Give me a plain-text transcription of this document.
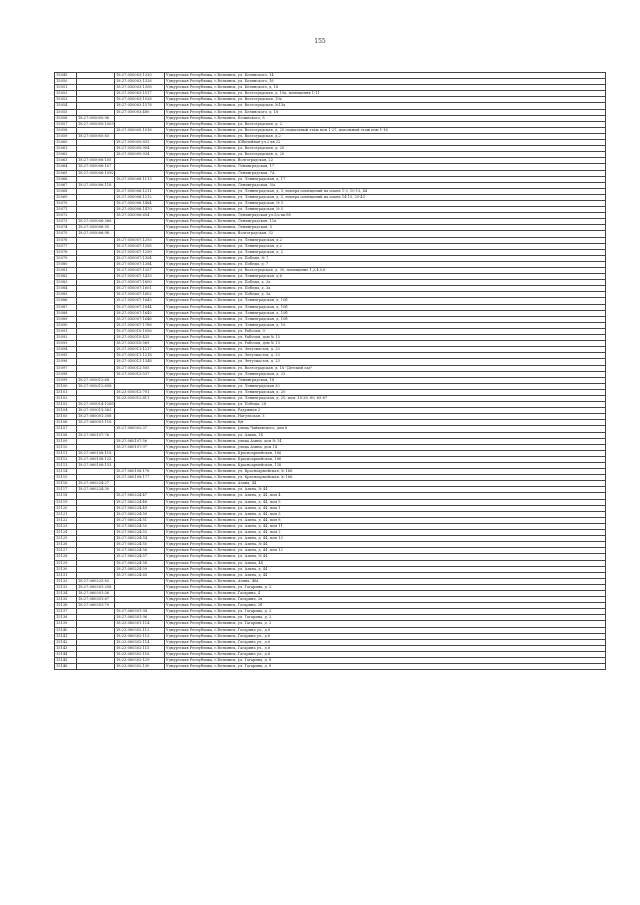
155
15049		18:27:050003:1320	Удмуртская Республика, г.Воткинск, ул. Белинского, 14
15050		18:27:050003:1326	Удмуртская Республика, г.Воткинск, ул. Белинского, 16
15051		18:27:050003:1308	Удмуртская Республика, г.Воткинск, ул. Белинского, д. 18
15052		18:27:050003:1517	Удмуртская Республика, г.Воткинск, ул. Волгоградская, д. 19а, помещения 1-11
15053		18:27:050003:1528	Удмуртская Республика, г.Воткинск, ул. Волгоградская, 19а
15054		18:27:050003:1578	Удмуртская Республика, г.Воткинск, ул. Волгоградская, №13а
15055		18:27:050003:480	Удмуртская Республика, г.Воткинск, ул. Белинского, д. 18
15056	18:27:050005:96		Удмуртская Республика, г.Воткинск, Белинского, 8
15057	18:27:050005:1003		Удмуртская Республика, г.Воткинск, ул. Волгоградская, д. 2
15058		18:27:050005:1016	Удмуртская Республика, г.Воткинск, ул. Волгоградская, д. 20 подвальный этаж пом 1-27, цокольный этаж пом 1-16
15059	18:27:050005:83		Удмуртская Республика, г.Воткинск, ул. Волгоградская, д.2
15060		18:27:050005:853	Удмуртская Республика, г.Воткинск, Юбилейная ул.2 кв 22
15061		18:27:050005:904	Удмуртская Республика, г.Воткинск, ул. Волгоградская, д. 20
15062		18:27:050005:934	Удмуртская Республика, г.Воткинск, ул. Волгоградская, д. 20
15063	18:27:050006:105		Удмуртская Республика, г.Воткинск, Волгоградская, 22
15064	18:27:050006:107		Удмуртская Республика, г.Воткинск, Ленинградская, 17
15065	18:27:050006:1092		Удмуртская Республика, г.Воткинск, Ленинградская, 7А
15066		18:27:050006:1113	Удмуртская Республика, г.Воткинск, ул. Ленинградская, д. 17
15067	18:27:050006:118		Удмуртская Республика, г.Воткинск, Ленинградская, 5/а
15068		18:27:050006:1211	Удмуртская Республика, г.Воткинск, ул. Ленинградская, д. 5, номера помещений на плане 1-3, 10-13, 44
15069		18:27:050006:1212	Удмуртская Республика, г.Воткинск, ул. Ленинградская, д. 5, номера помещений на плане 14-15, 25-43
15070		18:27:050006:1464	Удмуртская Республика, г.Воткинск, ул. Ленинградская, № 5
15071		18:27:050006:1470	Удмуртская Республика, г.Воткинск, ул. Ленинградская, № 5
15072		18:27:050006:654	Удмуртская Республика, г.Воткинск, Ленинградская ул.5/а кв.88
15073	18:27:050006:366		Удмуртская Республика, г.Воткинск, Ленинградская, 11а
15074	18:27:050006:95		Удмуртская Республика, г.Воткинск, Ленинградская, 5
15075	18:27:050006:98		Удмуртская Республика, г.Воткинск, Волгоградская, 32
15076		18:27:050007:1293	Удмуртская Республика, г.Воткинск, ул. Ленинградская, д.2
15077		18:27:050007:1295	Удмуртская Республика, г.Воткинск, ул. Ленинградская, д.2
15078		18:27:050007:1299	Удмуртская Республика, г.Воткинск, ул. Ленинградская, д. 2
15079		18:27:050007:1304	Удмуртская Республика, г.Воткинск, ул. Победы, № 7
15080		18:27:050007:1384	Удмуртская Республика, г.Воткинск, ул. Победы, д. 7
15081		18:27:050007:1337	Удмуртская Республика, г.Воткинск, ул. Волгоградская, д. 30, помещение 1,2,4,5,6
15082		18:27:050007:1433	Удмуртская Республика, г.Воткинск, ул. Ленинградская, д.6
15083		18:27:050007:1600	Удмуртская Республика, г.Воткинск, ул. Победы, д. 3а
15084		18:27:050007:1601	Удмуртская Республика, г.Воткинск, ул. Победы, д. 3а
15085		18:27:050007:1602	Удмуртская Республика, г.Воткинск, ул. Победы, д. 3а
15086		18:27:050007:1643	Удмуртская Республика, г.Воткинск, ул. Ленинградская, д. 10б
15087		18:27:050007:1644	Удмуртская Республика, г.Воткинск, ул. Ленинградская, д. 10б
15088		18:27:050007:1645	Удмуртская Республика, г.Воткинск, ул. Ленинградская, д. 10б
15089		18:27:050007:1646	Удмуртская Республика, г.Воткинск, ул. Ленинградская, д. 10б
15090		18:27:050007:1788	Удмуртская Республика, г.Воткинск, ул. Ленинградская, д. 16
15091		18:27:050010:1056	Удмуртская Республика, г.Воткинск, ул. Рабочая, 9
15092		18:27:050010:435	Удмуртская Республика, г.Воткинск, ул. Рабочая, дом № 15
15093		18:27:050010:569	Удмуртская Республика, г.Воткинск, ул. Рабочая, дом № 13
15094		18:27:050011:1217	Удмуртская Республика, г.Воткинск, ул. Энтузиастов, д. 23
15095		18:27:050011:1218	Удмуртская Республика, г.Воткинск, ул. Энтузиастов, д. 23
15096		18:27:050011:1348	Удмуртская Республика, г.Воткинск, ул. Энтузиастов, д. 23
15097		18:27:050012:505	Удмуртская Республика, г.Воткинск, ул. Волгоградская, д. 18 "Детский сад"
15098		18:27:050012:537	Удмуртская Республика, г.Воткинск, ул. Ленинградская, д. 22
15099	18:27:050012:68		Удмуртская Республика, г.Воткинск, Ленинградская, 18
15100	18:27:050012:658		Удмуртская Республика, г.Воткинск, ул. Ленинградская 20
15101		18:23:050012:791	Удмуртская Республика, г.Воткинск, ул. Ленинградская, д. 20
15102		18:23:050012:811	Удмуртская Республика, г.Воткинск, ул. Ленинградская, д. 20, пом. 18-28, 60, 65-67
15103	18:27:050014:1265		Удмуртская Республика, г.Воткинск, ул. Победы, 28
15104	18:27:050015:563		Удмуртская Республика, г.Воткинск, Радужная 2
15105	18:27:060001:308		Удмуртская Республика, г.Воткинск, Нагульская, 3
15106	18:27:060001:116		Удмуртская Республика, г.Воткинск, б/н
15107		18:27:060002:37	Удмуртская Республика, г.Воткинск, улица Чайковского, дом 8
15108	18:27:060107:76		Удмуртская Республика, г.Воткинск, ул. Азина, 14
15109		18:27:060107:56	Удмуртская Республика, г.Воткинск, улица Азина, дом № 14
15110		18:27:060107:97	Удмуртская Республика, г.Воткинск, улица Азина, дом 14
15111	18:27:060108:118		Удмуртская Республика, г.Воткинск, Красноармейская, 166
15112	18:27:060108:125		Удмуртская Республика, г.Воткинск, Красноармейская, 166
15113	18:27:060108:133		Удмуртская Республика, г.Воткинск, Красноармейская, 138
15114		18:27:060108:176	Удмуртская Республика, г.Воткинск, ул. Красноармейская, № 166
15115		18:27:060108:177	Удмуртская Республика, г.Воткинск, ул. Красноармейская, № 166
15116	18:27:060224:27		Удмуртская Республика, г.Воткинск, Азина, 44
15117	18:27:060224:30		Удмуртская Республика, г.Воткинск, ул. Азина, № 44
15118		18:27:060224:47	Удмуртская Республика, г.Воткинск, ул. Азина, д. 44, пом 4
15119		18:27:060224:48	Удмуртская Республика, г.Воткинск, ул. Азина, д. 44, пом 5
15120		18:27:060224:49	Удмуртская Республика, г.Воткинск, ул. Азина, д. 44, пом 1
15121		18:27:060224:50	Удмуртская Республика, г.Воткинск, ул. Азина, д. 44, пом 3
15122		18:27:060224:51	Удмуртская Республика, г.Воткинск, ул. Азина, д. 44, пом 8
15123		18:27:060224:52	Удмуртская Республика, г.Воткинск, ул. Азина, д. 44, пом 11
15124		18:27:060224:53	Удмуртская Республика, г.Воткинск, ул. Азина, д. 44, пом 2
15125		18:27:060224:54	Удмуртская Республика, г.Воткинск, ул. Азина, д. 44, пом 13
15126		18:27:060224:55	Удмуртская Республика, г.Воткинск, ул. Азина, № 44
15127		18:27:060224:56	Удмуртская Республика, г.Воткинск, ул. Азина, д. 44, пом 12
15128		18:27:060224:57	Удмуртская Республика, г.Воткинск, ул. Азина, № 44
15129		18:27:060224:58	Удмуртская Республика, г.Воткинск, ул. Азина, 44
15130		18:27:060224:59	Удмуртская Республика, г.Воткинск, ул. Азина, д. 44
15131		18:27:060224:60	Удмуртская Республика, г.Воткинск, ул. Азина, д. 44
15132	18:27:060225:83		Удмуртская Республика, г.Воткинск, Азина, 46а
15133	18:27:060301:208		Удмуртская Республика, г.Воткинск, ул. Гагарина, д. 2
15134	18:27:060301:56		Удмуртская Республика, г.Воткинск, Гагарина, 4
15135	18:27:060301:67		Удмуртская Республика, г.Воткинск, Гагарина, 2в
15136	18:27:060301:70		Удмуртская Республика, г.Воткинск, Гагарина, 2б
15137		18:27:060301:94	Удмуртская Республика, г.Воткинск, ул. Гагарина, д. 2
15138		18:27:060301:96	Удмуртская Республика, г.Воткинск, ул. Гагарина, д. 2
15139		18:23:060301:114	Удмуртская Республика, г.Воткинск, ул. Гагарина, д. 2
15140		18:23:060302:112	Удмуртская Республика, г.Воткинск, Гагарина ул., д.6
15141		18:23:060302:113	Удмуртская Республика, г.Воткинск, Гагарина ул., д.6
15142		18:23:060302:114	Удмуртская Республика, г.Воткинск, Гагарина ул., д.6
15143		18:23:060302:115	Удмуртская Республика, г.Воткинск, Гагарина ул., д.6
15144		18:23:060302:116	Удмуртская Республика, г.Воткинск, Гагарина ул., д.6
15145		18:23:060302:129	Удмуртская Республика, г.Воткинск, ул. Гагарина, д. 8
15146		18:23:060302:130	Удмуртская Республика, г.Воткинск, ул. Гагарина, д. 8
